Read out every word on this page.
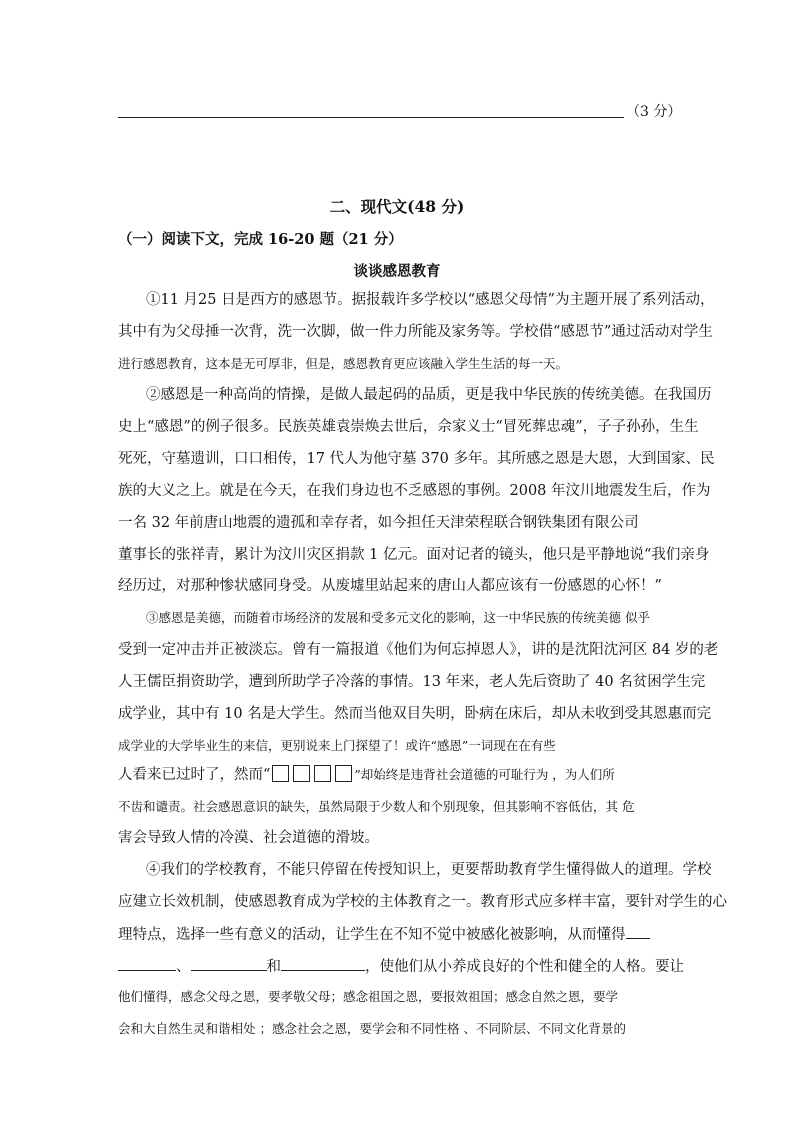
（3 分）
二、现代文(48 分)
（一）阅读下文，完成 16-20 题（21 分）
谈谈感恩教育
①11 月25 日是西方的感恩节。据报载许多学校以“感恩父母情”为主题开展了系列活动，
其中有为父母捶一次背，洗一次脚，做一件力所能及家务等。学校借“感恩节”通过活动对学生
进行感恩教育，这本是无可厚非，但是，感恩教育更应该融入学生生活的每一天。
②感恩是一种高尚的情操，是做人最起码的品质，更是我中华民族的传统美德。在我国历
史上“感恩”的例子很多。民族英雄袁崇焕去世后，佘家义士“冒死葬忠魂”，子子孙孙，生生
死死，守墓遗训，口口相传，17 代人为他守墓 370 多年。其所感之恩是大恩，大到国家、民
族的大义之上。就是在今天，在我们身边也不乏感恩的事例。2008 年汶川地震发生后，作为
一名 32 年前唐山地震的遗孤和幸存者，如今担任天津荣程联合钢铁集团有限公司
董事长的张祥青，累计为汶川灾区捐款 1 亿元。面对记者的镜头，他只是平静地说“我们亲身
经历过，对那种惨状感同身受。从废墟里站起来的唐山人都应该有一份感恩的心怀！”
③感恩是美德，而随着市场经济的发展和受多元文化的影响，这一中华民族的传统美德 似乎
受到一定冲击并正被淡忘。曾有一篇报道《他们为何忘掉恩人》，讲的是沈阳沈河区 84 岁的老
人王儒臣捐资助学，遭到所助学子冷落的事情。13 年来，老人先后资助了 40 名贫困学生完
成学业，其中有 10 名是大学生。然而当他双目失明，卧病在床后，却从未收到受其恩惠而完
成学业的大学毕业生的来信，更别说来上门探望了！或许“感恩”一词现在在有些
人看来已过时了，然而“	”却始终是违背社会道德的可耻行为 ，为人们所
不齿和谴责。社会感恩意识的缺失，虽然局限于少数人和个别现象，但其影响不容低估，其 危
害会导致人情的冷漠、社会道德的滑坡。
④我们的学校教育，不能只停留在传授知识上，更要帮助教育学生懂得做人的道理。学校
应建立长效机制，使感恩教育成为学校的主体教育之一。教育形式应多样丰富，要针对学生的心
理特点，选择一些有意义的活动，让学生在不知不觉中被感化被影响，从而懂得
、	和	，使他们从小养成良好的个性和健全的人格。要让
他们懂得，感念父母之恩，要孝敬父母；感念祖国之恩，要报效祖国；感念自然之恩，要学
会和大自然生灵和谐相处 ；感念社会之恩，要学会和不同性格 、不同阶层、不同文化背景的
